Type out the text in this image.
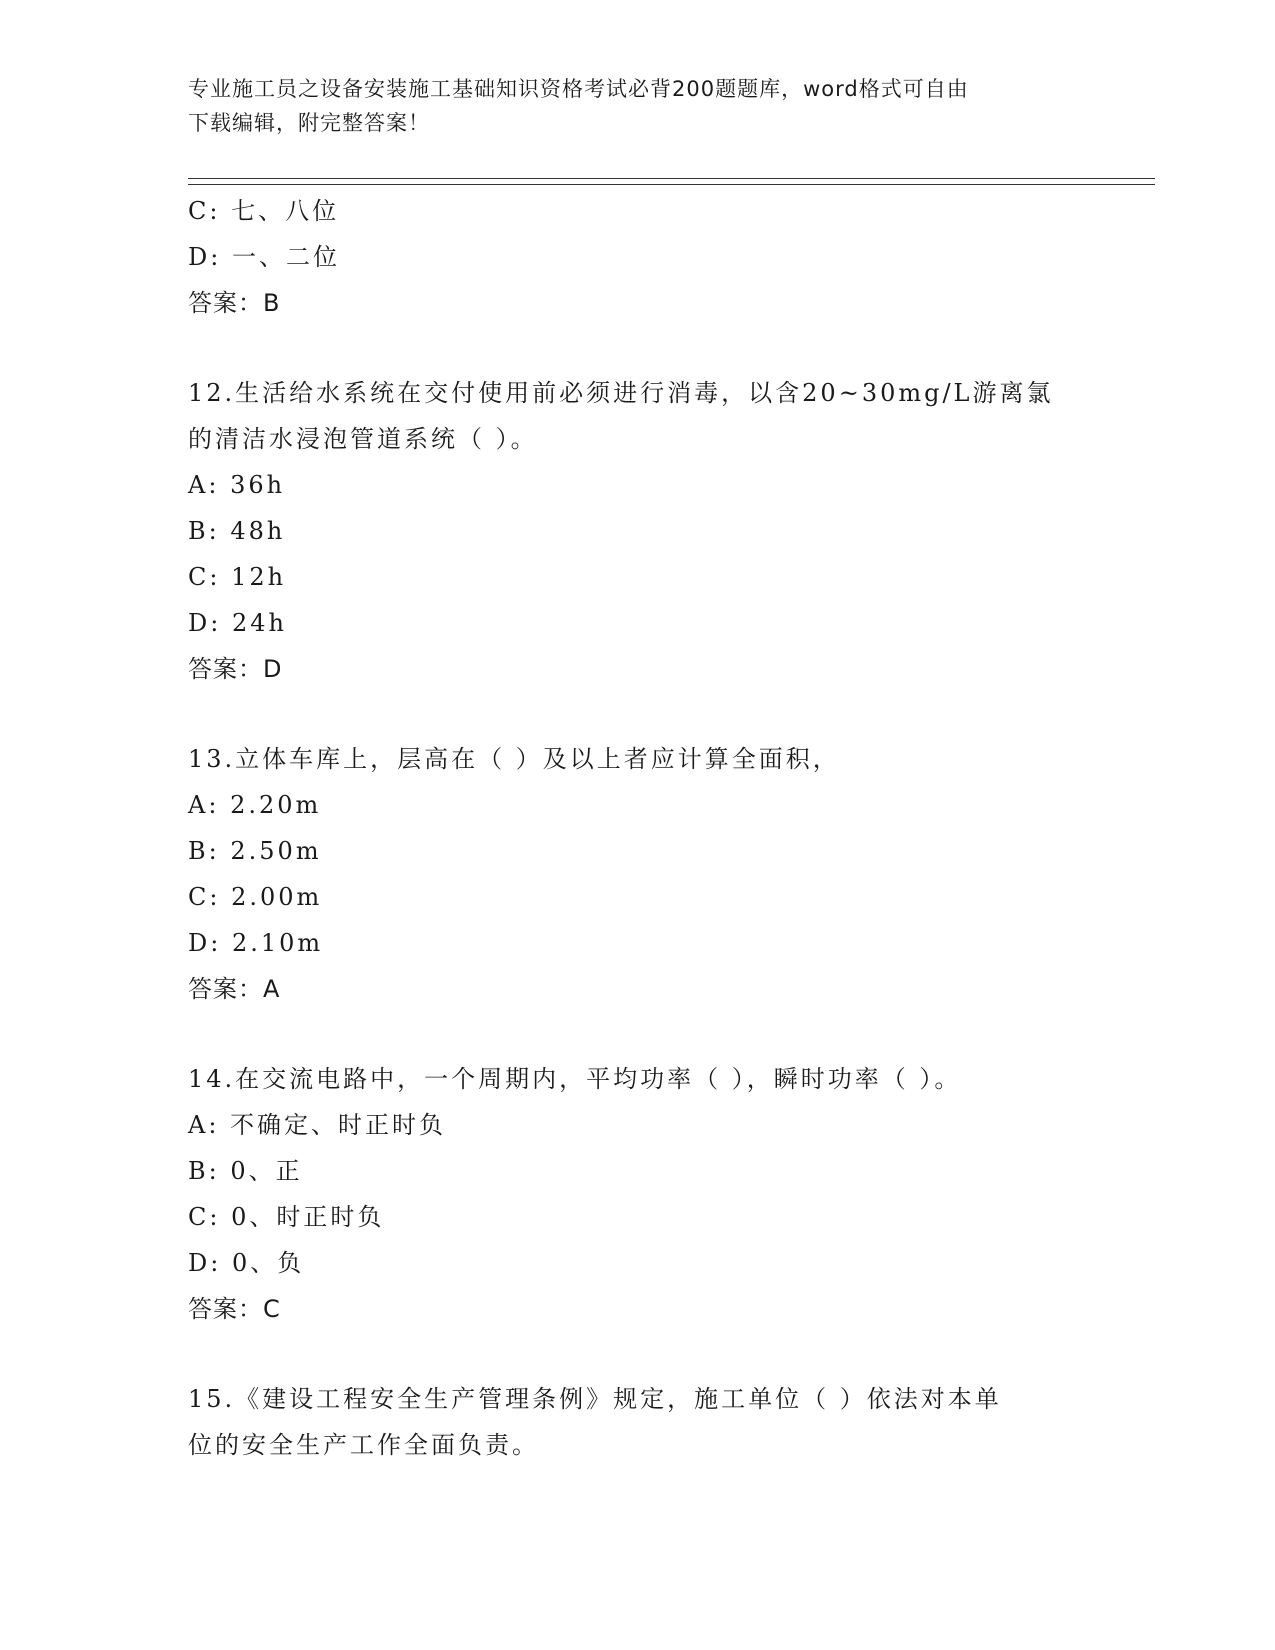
专业施工员之设备安装施工基础知识资格考试必背200题题库，word格式可自由
下载编辑，附完整答案！
C: 七、八位
D: 一、二位
答案：B
12.生活给水系统在交付使用前必须进行消毒，以含20~30mg/L游离氯
的清洁水浸泡管道系统（ ）。
A: 36h
B: 48h
C: 12h
D: 24h
答案：D
13.立体车库上，层高在（ ）及以上者应计算全面积，
A: 2.20m
B: 2.50m
C: 2.00m
D: 2.10m
答案：A
14.在交流电路中，一个周期内，平均功率（ ），瞬时功率（ ）。
A: 不确定、时正时负
B: 0、正
C: 0、时正时负
D: 0、负
答案：C
15.《建设工程安全生产管理条例》规定，施工单位（ ）依法对本单
位的安全生产工作全面负责。
